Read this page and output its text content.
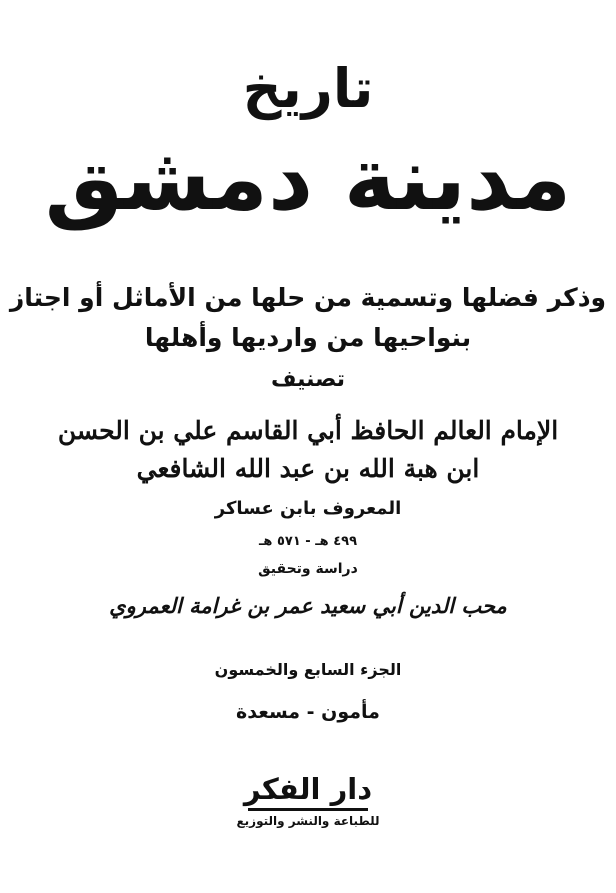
تاريخ
مدينة دمشق
وذكر فضلها وتسمية من حلها من الأماثل أو اجتاز
بنواحيها من وارديها وأهلها
تصنيف
الإمام العالم الحافظ أبي القاسم علي بن الحسن
ابن هبة الله بن عبد الله الشافعي
المعروف بابن عساكر
٤٩٩ هـ - ٥٧١ هـ
دراسة وتحقيق
محب الدين أبي سعيد عمر بن غرامة العمروي
الجزء السابع والخمسون
مأمون - مسعدة
دار الفكر
للطباعة والنشر والتوزيع
